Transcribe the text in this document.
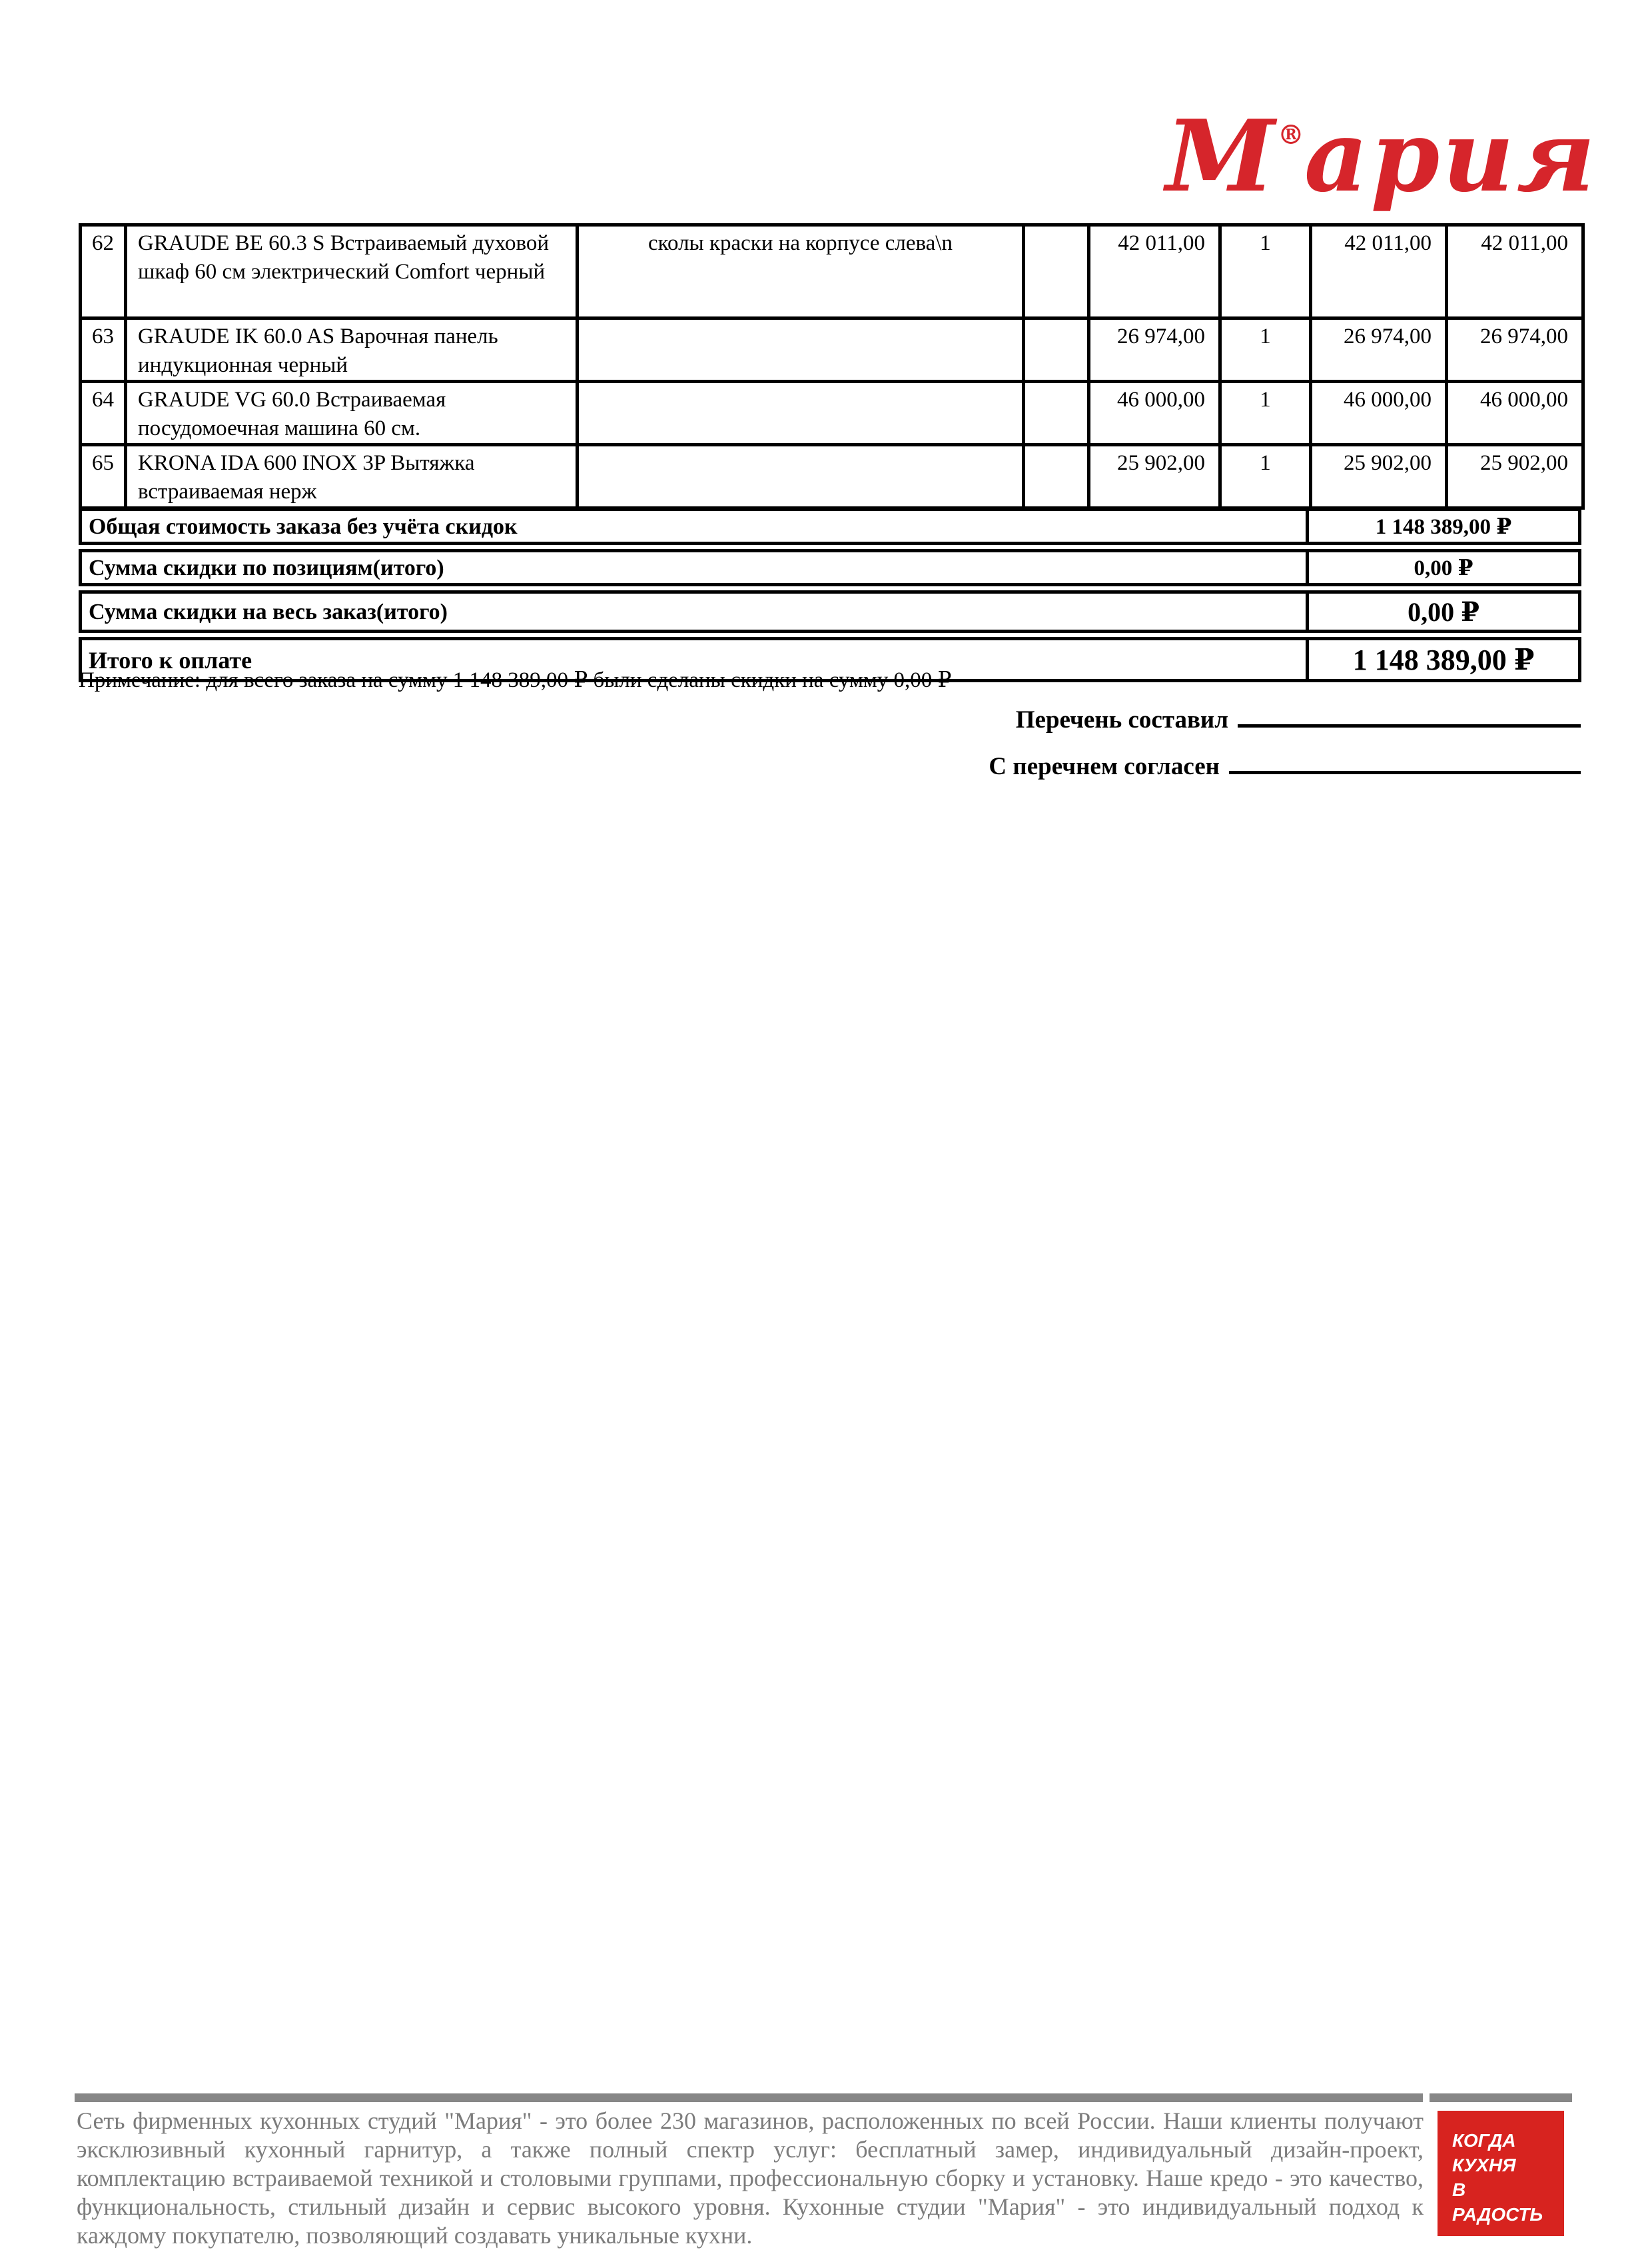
М®ария
62	GRAUDE BE 60.3 S Встраиваемый духовой шкаф 60 см электрический Comfort черный	сколы краски на корпусе слева\n		42 011,00	1	42 011,00	42 011,00
63	GRAUDE IK 60.0 AS Варочная панель индукционная черный			26 974,00	1	26 974,00	26 974,00
64	GRAUDE VG 60.0 Встраиваемая посудомоечная машина 60 см.			46 000,00	1	46 000,00	46 000,00
65	KRONA IDA 600 INOX 3P Вытяжка встраиваемая нерж			25 902,00	1	25 902,00	25 902,00
Общая стоимость заказа без учёта скидок	1 148 389,00 ₽
Сумма скидки по позициям(итого)	0,00 ₽
Сумма скидки на весь заказ(итого)	0,00 ₽
Итого к оплате	1 148 389,00 ₽
Примечание: для всего заказа на сумму 1 148 389,00 ₽ были сделаны скидки на сумму 0,00 ₽
Перечень составил
С перечнем согласен
Сеть фирменных кухонных студий "Мария" - это более 230 магазинов, расположенных по всей России. Наши клиенты получают эксклюзивный кухонный гарнитур, а также полный спектр услуг: бесплатный замер, индивидуальный дизайн-проект, комплектацию встраиваемой техникой и столовыми группами, профессиональную сборку и установку. Наше кредо - это качество, функциональность, стильный дизайн и сервис высокого уровня. Кухонные студии "Мария" - это индивидуальный подход к каждому покупателю, позволяющий создавать уникальные кухни.
КОГДА
КУХНЯ
В РАДОСТЬ
